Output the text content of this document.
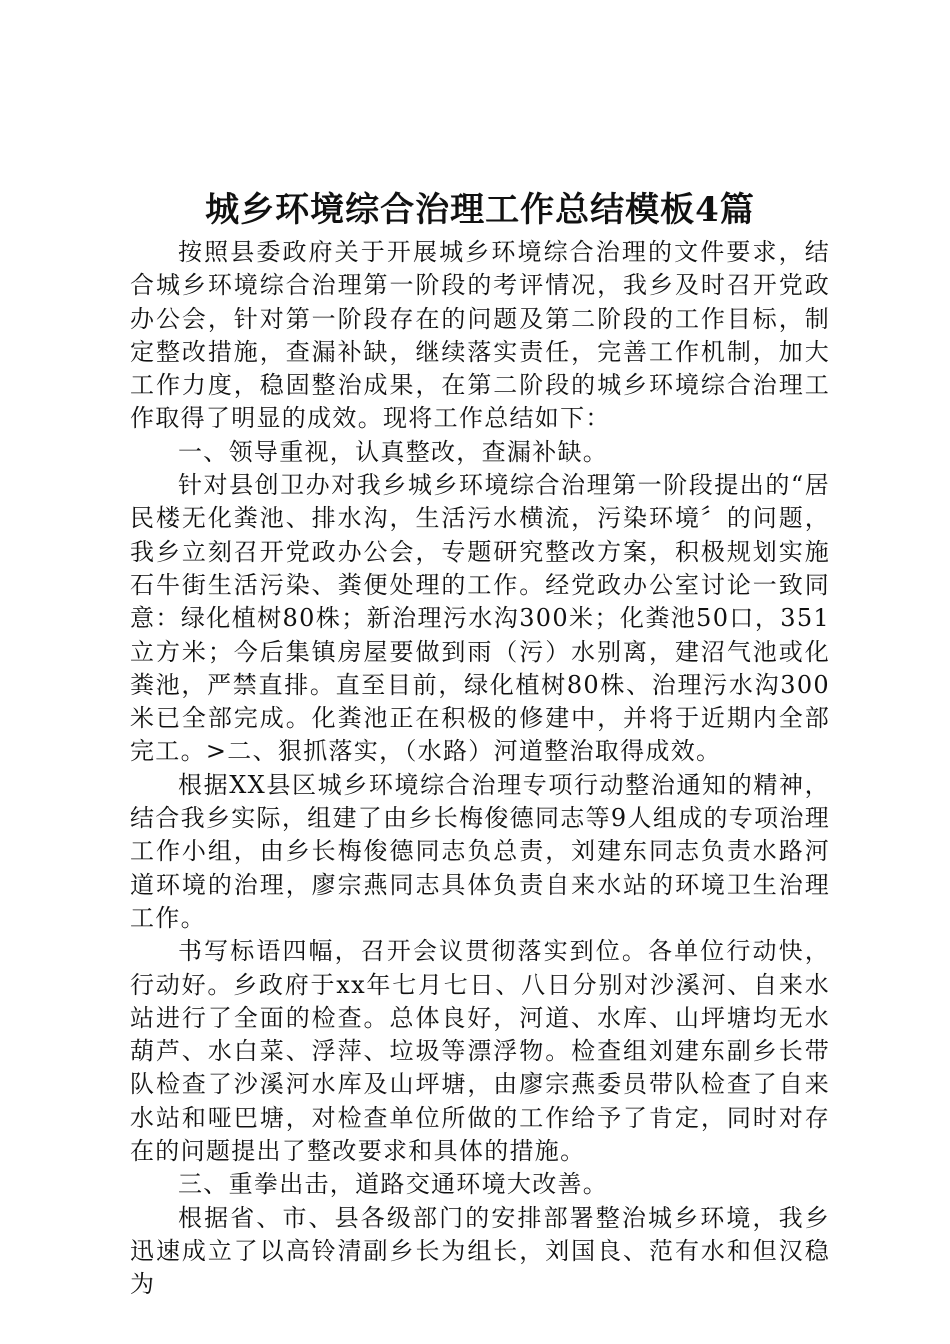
城乡环境综合治理工作总结模板4篇

按照县委政府关于开展城乡环境综合治理的文件要求，结合城乡环境综合治理第一阶段的考评情况，我乡及时召开党政办公会，针对第一阶段存在的问题及第二阶段的工作目标，制定整改措施，查漏补缺，继续落实责任，完善工作机制，加大工作力度，稳固整治成果，在第二阶段的城乡环境综合治理工作取得了明显的成效。现将工作总结如下：

一、领导重视，认真整改，查漏补缺。

针对县创卫办对我乡城乡环境综合治理第一阶段提出的“居民楼无化粪池、排水沟，生活污水横流，污染环境〞的问题，我乡立刻召开党政办公会，专题研究整改方案，积极规划实施石牛街生活污染、粪便处理的工作。经党政办公室讨论一致同意：绿化植树80株；新治理污水沟300米；化粪池50口，351立方米；今后集镇房屋要做到雨（污）水别离，建沼气池或化粪池，严禁直排。直至目前，绿化植树80株、治理污水沟300米已全部完成。化粪池正在积极的修建中，并将于近期内全部完工。>二、狠抓落实，（水路）河道整治取得成效。

根据XX县区城乡环境综合治理专项行动整治通知的精神，结合我乡实际，组建了由乡长梅俊德同志等9人组成的专项治理工作小组，由乡长梅俊德同志负总责，刘建东同志负责水路河道环境的治理，廖宗燕同志具体负责自来水站的环境卫生治理工作。

书写标语四幅，召开会议贯彻落实到位。各单位行动快，行动好。乡政府于xx年七月七日、八日分别对沙溪河、自来水站进行了全面的检查。总体良好，河道、水库、山坪塘均无水葫芦、水白菜、浮萍、垃圾等漂浮物。检查组刘建东副乡长带队检查了沙溪河水库及山坪塘，由廖宗燕委员带队检查了自来水站和哑巴塘，对检查单位所做的工作给予了肯定，同时对存在的问题提出了整改要求和具体的措施。

三、重拳出击，道路交通环境大改善。

根据省、市、县各级部门的安排部署整治城乡环境，我乡迅速成立了以高铃清副乡长为组长，刘国良、范有水和但汉稳为
